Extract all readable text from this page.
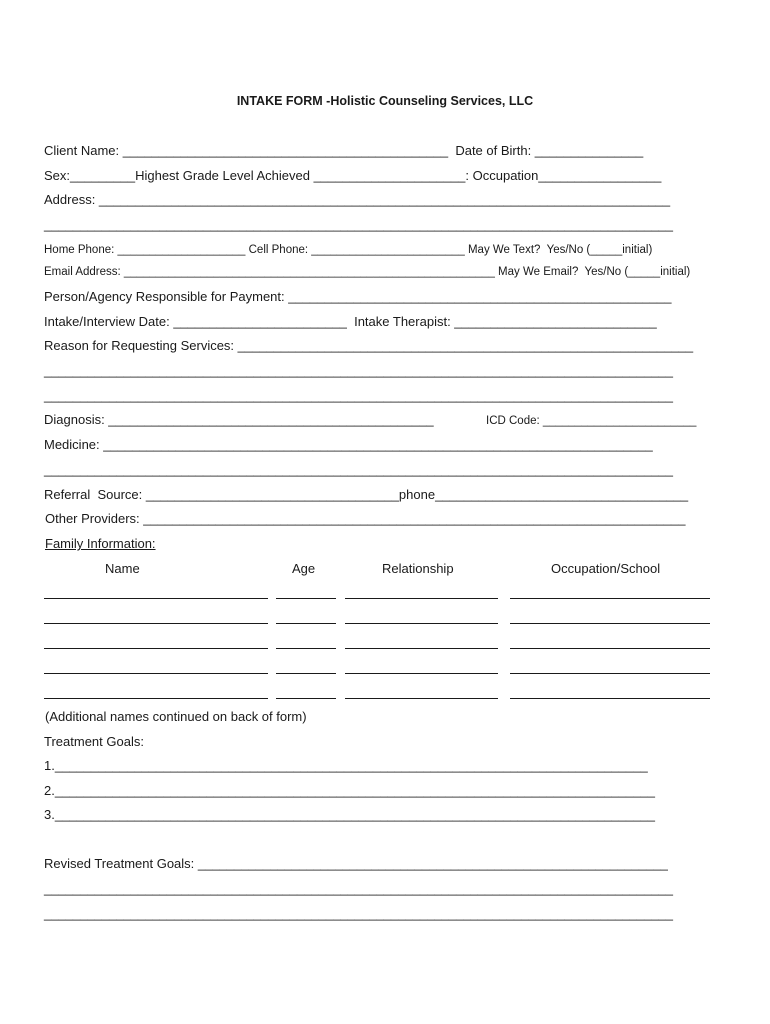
INTAKE FORM -Holistic Counseling Services, LLC
Client Name: _____________________________________________  Date of Birth: _______________
Sex:_________Highest Grade Level Achieved _____________________: Occupation_________________
Address: _______________________________________________________________________________
_______________________________________________________________________________________
Home Phone: ____________________ Cell Phone: ________________________ May We Text?  Yes/No (_____initial)
Email Address: __________________________________________________________ May We Email?  Yes/No (_____initial)
Person/Agency Responsible for Payment: _____________________________________________________
Intake/Interview Date: ________________________  Intake Therapist: ____________________________
Reason for Requesting Services: _______________________________________________________________
_______________________________________________________________________________________
_______________________________________________________________________________________
Diagnosis: _____________________________________________	ICD Code: ________________________
Medicine: ____________________________________________________________________________
_______________________________________________________________________________________
Referral  Source: ___________________________________phone___________________________________
Other Providers: ___________________________________________________________________________
Family Information:
Name	Age	Relationship	Occupation/School
(Additional names continued on back of form)
Treatment Goals:
1.__________________________________________________________________________________
2.___________________________________________________________________________________
3.___________________________________________________________________________________
Revised Treatment Goals: _________________________________________________________________
_______________________________________________________________________________________
_______________________________________________________________________________________
